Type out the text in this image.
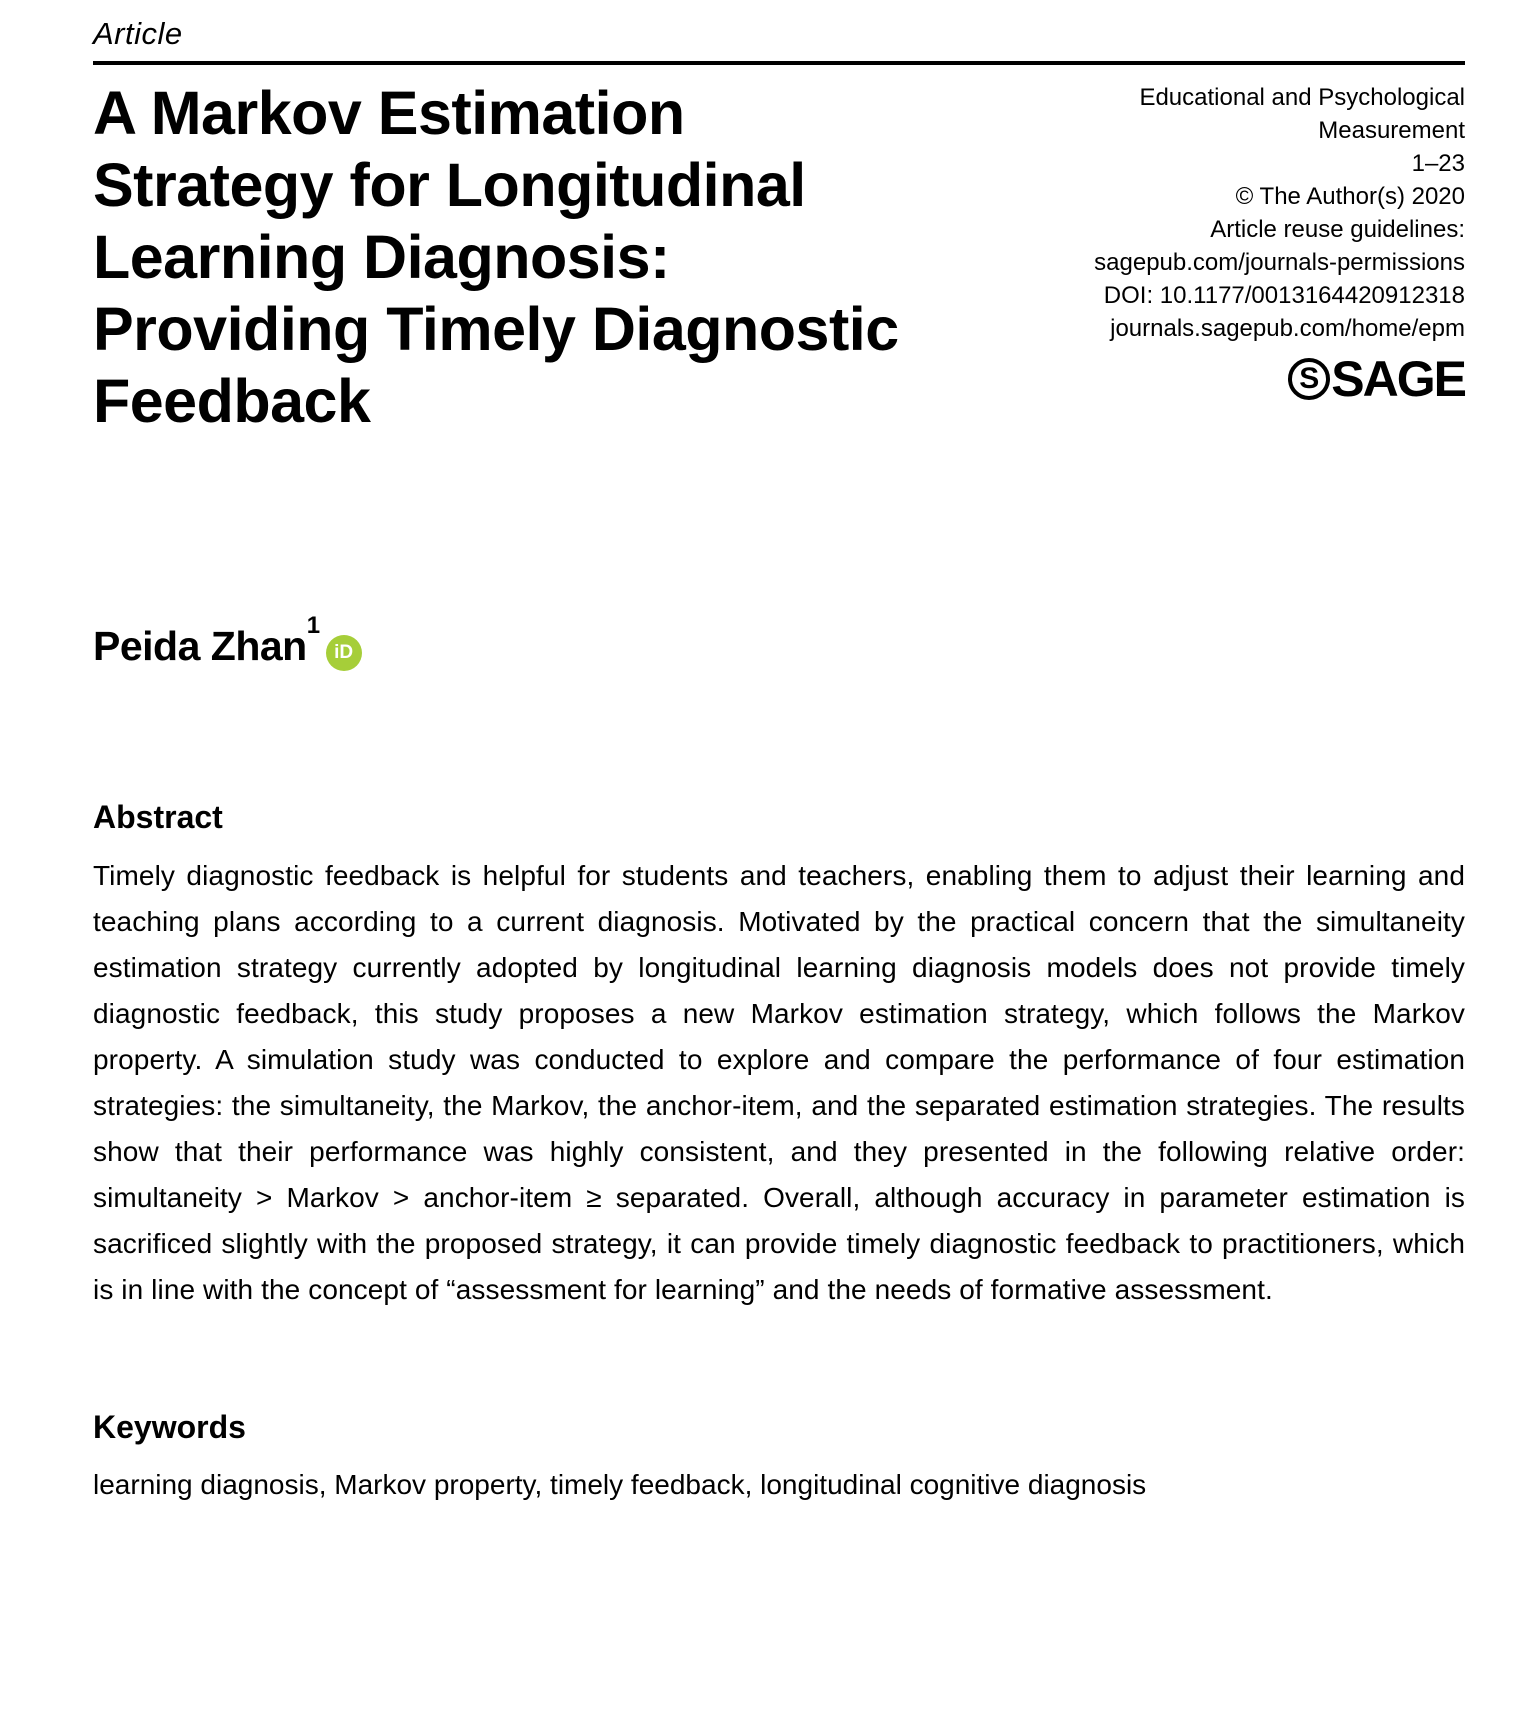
Article
A Markov Estimation
Strategy for Longitudinal
Learning Diagnosis:
Providing Timely Diagnostic
Feedback
Educational and Psychological
Measurement
1–23
© The Author(s) 2020
Article reuse guidelines:
sagepub.com/journals-permissions
DOI: 10.1177/0013164420912318
journals.sagepub.com/home/epm
S SAGE
Peida Zhan$^1$
iD
Abstract
Timely diagnostic feedback is helpful for students and teachers, enabling them to adjust their learning and teaching plans according to a current diagnosis. Motivated by the practical concern that the simultaneity estimation strategy currently adopted by longitudinal learning diagnosis models does not provide timely diagnostic feedback, this study proposes a new Markov estimation strategy, which follows the Markov property. A simulation study was conducted to explore and compare the performance of four estimation strategies: the simultaneity, the Markov, the anchor-item, and the separated estimation strategies. The results show that their performance was highly consistent, and they presented in the following relative order: simultaneity > Markov > anchor-item ≥ separated. Overall, although accuracy in parameter estimation is sacrificed slightly with the proposed strategy, it can provide timely diagnostic feedback to practitioners, which is in line with the concept of “assessment for learning” and the needs of formative assessment.
Keywords
learning diagnosis, Markov property, timely feedback, longitudinal cognitive diagnosis
